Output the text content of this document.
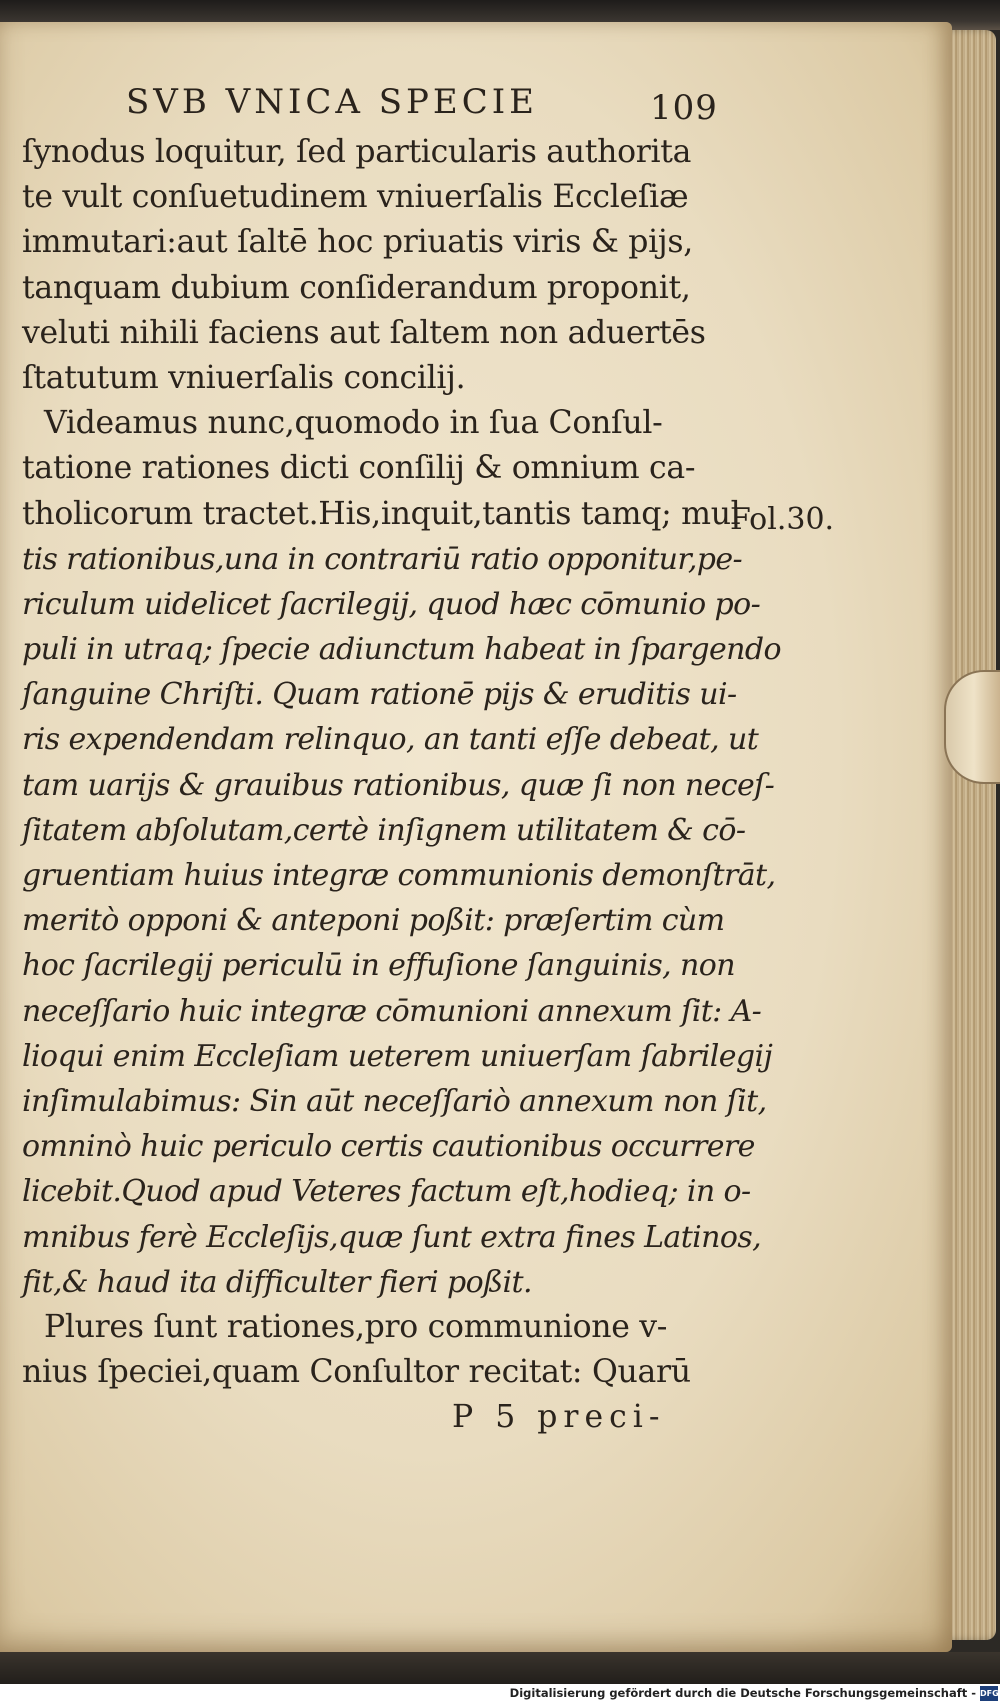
SVB VNICA SPECIE	109
ſynodus loquitur, ſed particularis authorita
te vult conſuetudinem vniuerſalis Eccleſiæ
immutari:aut ſaltē hoc priuatis viris & pijs,
tanquam dubium conſiderandum proponit,
veluti nihili faciens aut ſaltem non aduertēs
ſtatutum vniuerſalis concilij.
Videamus nunc,quomodo in ſua Conſul-
tatione rationes dicti conſilij & omnium ca-
tholicorum tractet.His,inquit,tantis tamq; mul
tis rationibus,una in contrariū ratio opponitur,pe-
riculum uidelicet ſacrilegij, quod hæc cōmunio po-
puli in utraq; ſpecie adiunctum habeat in ſpargendo
ſanguine Chriſti. Quam rationē pijs & eruditis ui-
ris expendendam relinquo, an tanti eſſe debeat, ut
tam uarijs & grauibus rationibus, quæ ſi non neceſ-
ſitatem abſolutam,certè inſignem utilitatem & cō-
gruentiam huius integræ communionis demonſtrāt,
meritò opponi & anteponi poßit: præſertim cùm
hoc ſacrilegij periculū in effuſione ſanguinis, non
neceſſario huic integræ cōmunioni annexum ſit: A-
lioqui enim Eccleſiam ueterem uniuerſam ſabrilegij
inſimulabimus: Sin aūt neceſſariò annexum non ſit,
omninò huic periculo certis cautionibus occurrere
licebit.Quod apud Veteres factum eſt,hodieq; in o-
mnibus ferè Eccleſijs,quæ ſunt extra fines Latinos,
fit,& haud ita difficulter fieri poßit.
Plures ſunt rationes,pro communione v-
nius ſpeciei,quam Conſultor recitat: Quarū
P 5 preci-
Fol.30.
Digitalisierung gefördert durch die Deutsche Forschungsgemeinschaft - DFG
